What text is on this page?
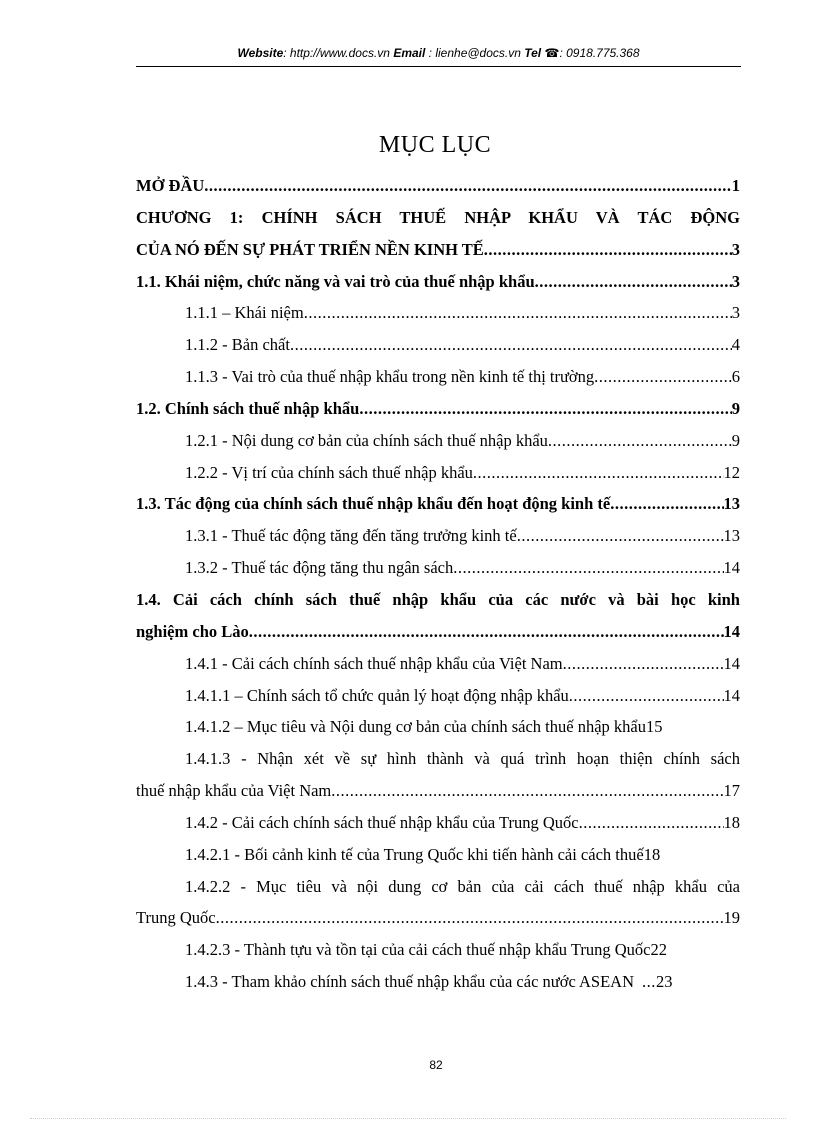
Website: http://www.docs.vn Email : lienhe@docs.vn Tel ☎: 0918.775.368
MỤC LỤC
MỞ ĐẦU .....	1
CHƯƠNG 1: CHÍNH SÁCH THUẾ NHẬP KHẨU VÀ TÁC ĐỘNG
CỦA NÓ ĐẾN SỰ PHÁT TRIỂN NỀN KINH TẾ .....	3
1.1. Khái niệm, chức năng và vai trò của thuế nhập khẩu .....	3
1.1.1 – Khái niệm .....	3
1.1.2 - Bản chất .....	4
1.1.3 - Vai trò của thuế nhập khẩu trong nền kinh tế thị trường .....	6
1.2. Chính sách thuế nhập khẩu .....	9
1.2.1 - Nội dung cơ bản của chính sách thuế nhập khẩu .....	9
1.2.2 - Vị trí của chính sách thuế nhập khẩu .....	12
1.3. Tác động của chính sách thuế nhập khẩu đến hoạt động kinh tế .....	13
1.3.1 - Thuế tác động tăng đến tăng trưởng kinh tế .....	13
1.3.2 - Thuế tác động tăng thu ngân sách .....	14
1.4. Cải cách chính sách thuế nhập khẩu của các nước và bài học kinh
nghiệm cho Lào .....	14
1.4.1 - Cải cách chính sách thuế nhập khẩu của Việt Nam .....	14
1.4.1.1 – Chính sách tổ chức quản lý hoạt động nhập khẩu .....	14
1.4.1.2 – Mục tiêu và Nội dung cơ bản của chính sách thuế nhập khẩu 15
1.4.1.3 - Nhận xét về sự hình thành và quá trình hoạn thiện chính sách
thuế nhập khẩu của Việt Nam .....	17
1.4.2 - Cải cách chính sách thuế nhập khẩu của Trung Quốc .....	18
1.4.2.1 - Bối cảnh kinh tế của Trung Quốc khi tiến hành cải cách thuế 18
1.4.2.2 - Mục tiêu và nội dung cơ bản của cải cách thuế nhập khẩu của
Trung Quốc .....	19
1.4.2.3 - Thành tựu và tồn tại của cải cách thuế nhập khẩu Trung Quốc 22
1.4.3 - Tham khảo chính sách thuế nhập khẩu của các nước ASEAN ..... 23
82
